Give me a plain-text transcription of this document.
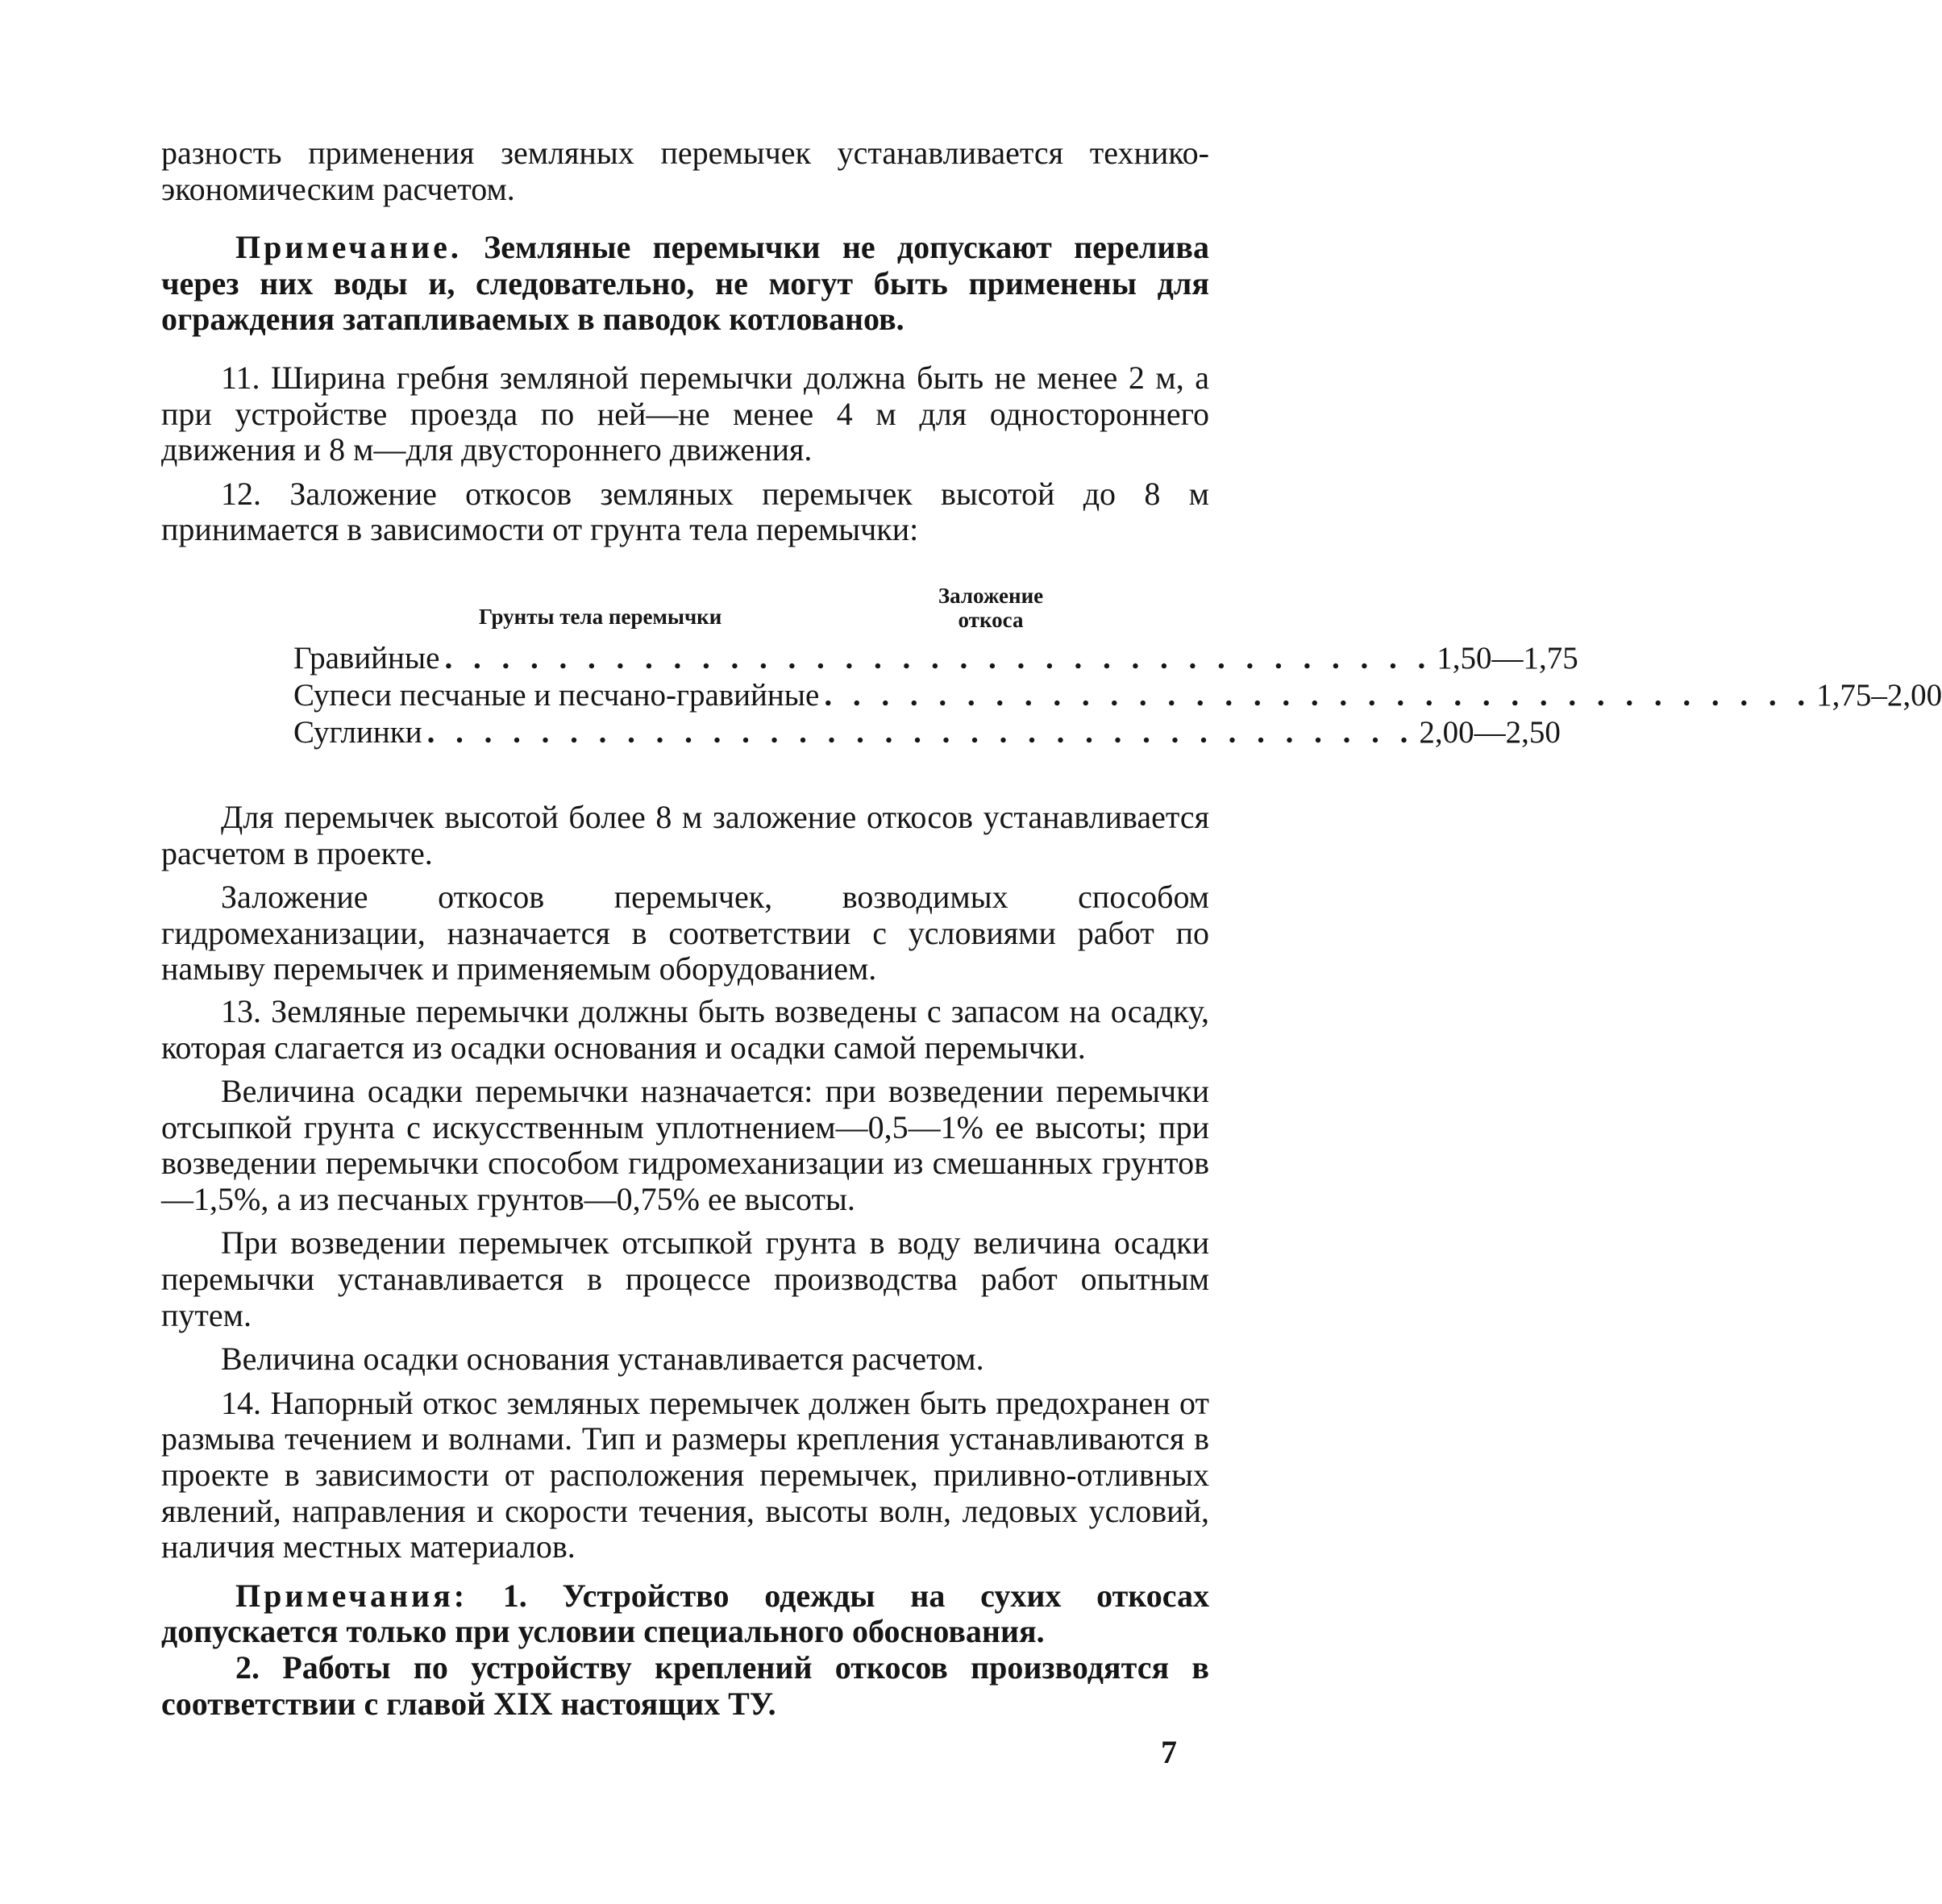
разность применения земляных перемычек устанавливается технико-экономическим расчетом.

Примечание. Земляные перемычки не допускают перелива через них воды и, следовательно, не могут быть применены для ограждения затапливаемых в паводок котлованов.

11. Ширина гребня земляной перемычки должна быть не менее 2 м, а при устройстве проезда по ней—не менее 4 м для одностороннего движения и 8 м—для двустороннего движения.

12. Заложение откосов земляных перемычек высотой до 8 м принимается в зависимости от грунта тела перемычки:

Грунты тела перемычки
Заложение откоса
Гравийные . . . . . . . . . . . . . . . . . . . . . . . . . . . . . . . . . . . 1,50—1,75
Супеси песчаные и песчано-гравийные . . . . . . . . . . . . . . . . . . . . . . . . . . . . . . . . . . . 1,75–2,00
Суглинки . . . . . . . . . . . . . . . . . . . . . . . . . . . . . . . . . . . 2,00—2,50

Для перемычек высотой более 8 м заложение откосов устанавливается расчетом в проекте.

Заложение откосов перемычек, возводимых способом гидромеханизации, назначается в соответствии с условиями работ по намыву перемычек и применяемым оборудованием.

13. Земляные перемычки должны быть возведены с запасом на осадку, которая слагается из осадки основания и осадки самой перемычки.

Величина осадки перемычки назначается: при возведении перемычки отсыпкой грунта с искусственным уплотнением—0,5—1% ее высоты; при возведении перемычки способом гидромеханизации из смешанных грунтов—1,5%, а из песчаных грунтов—0,75% ее высоты.

При возведении перемычек отсыпкой грунта в воду величина осадки перемычки устанавливается в процессе производства работ опытным путем.

Величина осадки основания устанавливается расчетом.

14. Напорный откос земляных перемычек должен быть предохранен от размыва течением и волнами. Тип и размеры крепления устанавливаются в проекте в зависимости от расположения перемычек, приливно-отливных явлений, направления и скорости течения, высоты волн, ледовых условий, наличия местных материалов.

Примечания: 1. Устройство одежды на сухих откосах допускается только при условии специального обоснования.

2. Работы по устройству креплений откосов производятся в соответствии с главой XIX настоящих ТУ.

7
